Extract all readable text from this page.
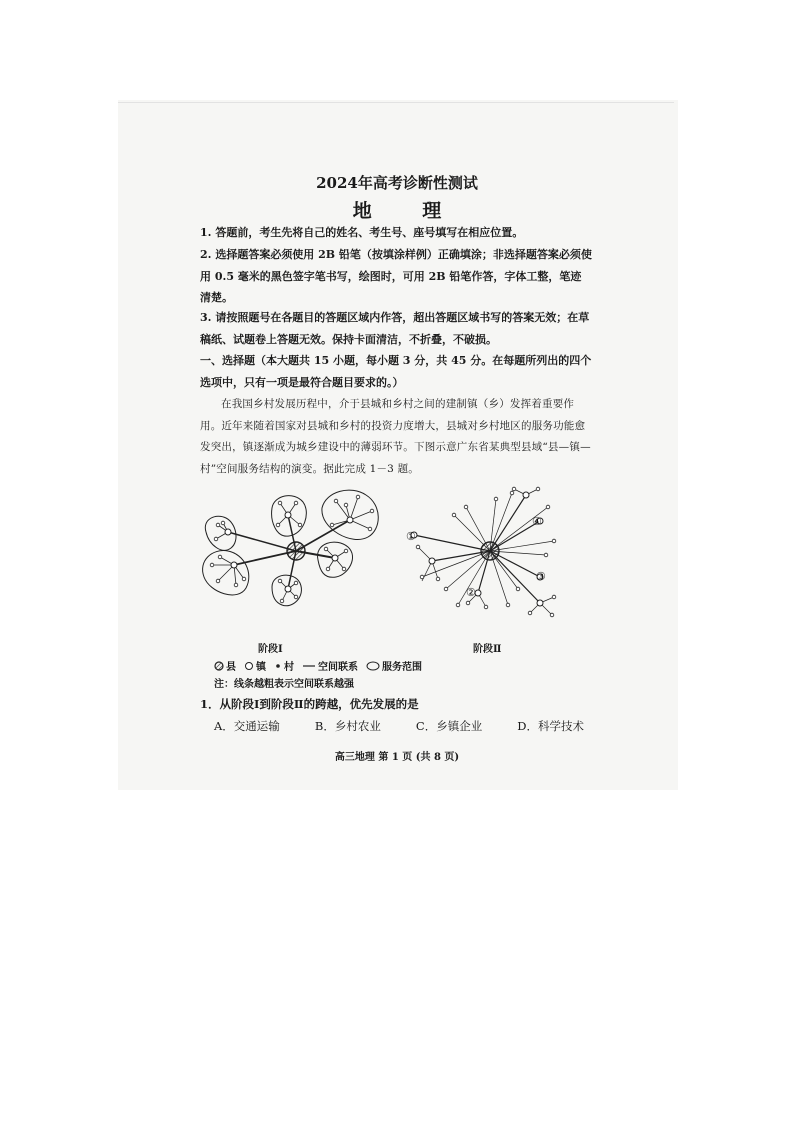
2024年高考诊断性测试
地 理
1. 答题前，考生先将自己的姓名、考生号、座号填写在相应位置。
2. 选择题答案必须使用 2B 铅笔（按填涂样例）正确填涂；非选择题答案必须使用 0.5 毫米的黑色签字笔书写，绘图时，可用 2B 铅笔作答，字体工整，笔迹清楚。
3. 请按照题号在各题目的答题区域内作答，超出答题区域书写的答案无效；在草稿纸、试题卷上答题无效。保持卡面清洁，不折叠，不破损。
一、选择题（本大题共 15 小题，每小题 3 分，共 45 分。在每题所列出的四个选项中，只有一项是最符合题目要求的。）
在我国乡村发展历程中，介于县城和乡村之间的建制镇（乡）发挥着重要作用。近年来随着国家对县城和乡村的投资力度增大，县城对乡村地区的服务功能愈发突出，镇逐渐成为城乡建设中的薄弱环节。下图示意广东省某典型县域“县—镇—村”空间服务结构的演变。据此完成 1－3 题。
①
②
③
④
阶段Ⅰ	阶段Ⅱ
县 镇 村 空间联系 服务范围
注：线条越粗表示空间联系越强
1．从阶段Ⅰ到阶段Ⅱ的跨越，优先发展的是
A．交通运输	B．乡村农业	C．乡镇企业	D．科学技术
高三地理 第 1 页 (共 8 页)
